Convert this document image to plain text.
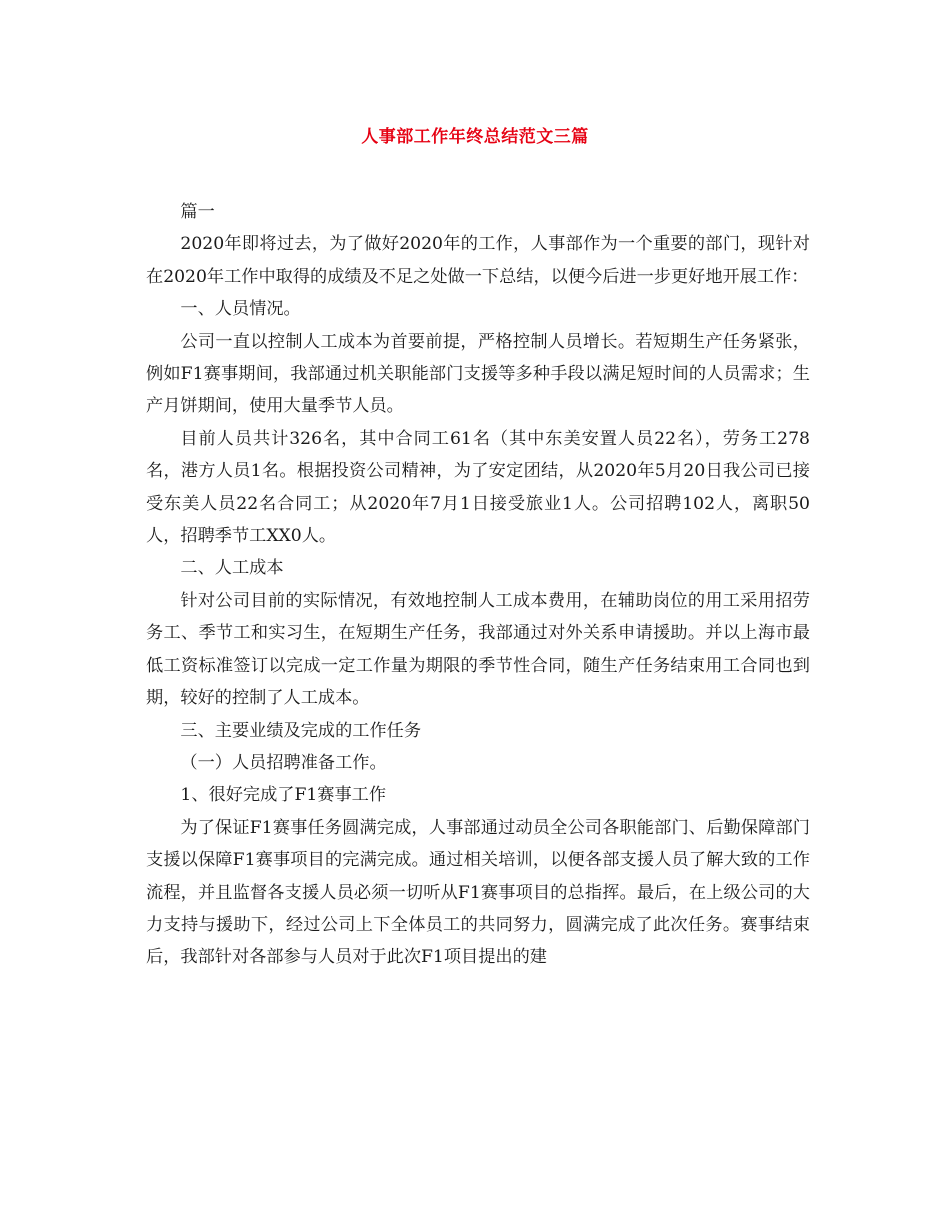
人事部工作年终总结范文三篇

篇一

2020年即将过去，为了做好2020年的工作，人事部作为一个重要的部门，现针对在2020年工作中取得的成绩及不足之处做一下总结，以便今后进一步更好地开展工作：

一、人员情况。

公司一直以控制人工成本为首要前提，严格控制人员增长。若短期生产任务紧张，例如F1赛事期间，我部通过机关职能部门支援等多种手段以满足短时间的人员需求；生产月饼期间，使用大量季节人员。

目前人员共计326名，其中合同工61名（其中东美安置人员22名），劳务工278名，港方人员1名。根据投资公司精神，为了安定团结，从2020年5月20日我公司已接受东美人员22名合同工；从2020年7月1日接受旅业1人。公司招聘102人，离职50人，招聘季节工XX0人。

二、人工成本

针对公司目前的实际情况，有效地控制人工成本费用，在辅助岗位的用工采用招劳务工、季节工和实习生，在短期生产任务，我部通过对外关系申请援助。并以上海市最低工资标准签订以完成一定工作量为期限的季节性合同，随生产任务结束用工合同也到期，较好的控制了人工成本。

三、主要业绩及完成的工作任务

（一）人员招聘准备工作。

1、很好完成了F1赛事工作

为了保证F1赛事任务圆满完成，人事部通过动员全公司各职能部门、后勤保障部门支援以保障F1赛事项目的完满完成。通过相关培训，以便各部支援人员了解大致的工作流程，并且监督各支援人员必须一切听从F1赛事项目的总指挥。最后，在上级公司的大力支持与援助下，经过公司上下全体员工的共同努力，圆满完成了此次任务。赛事结束后，我部针对各部参与人员对于此次F1项目提出的建
